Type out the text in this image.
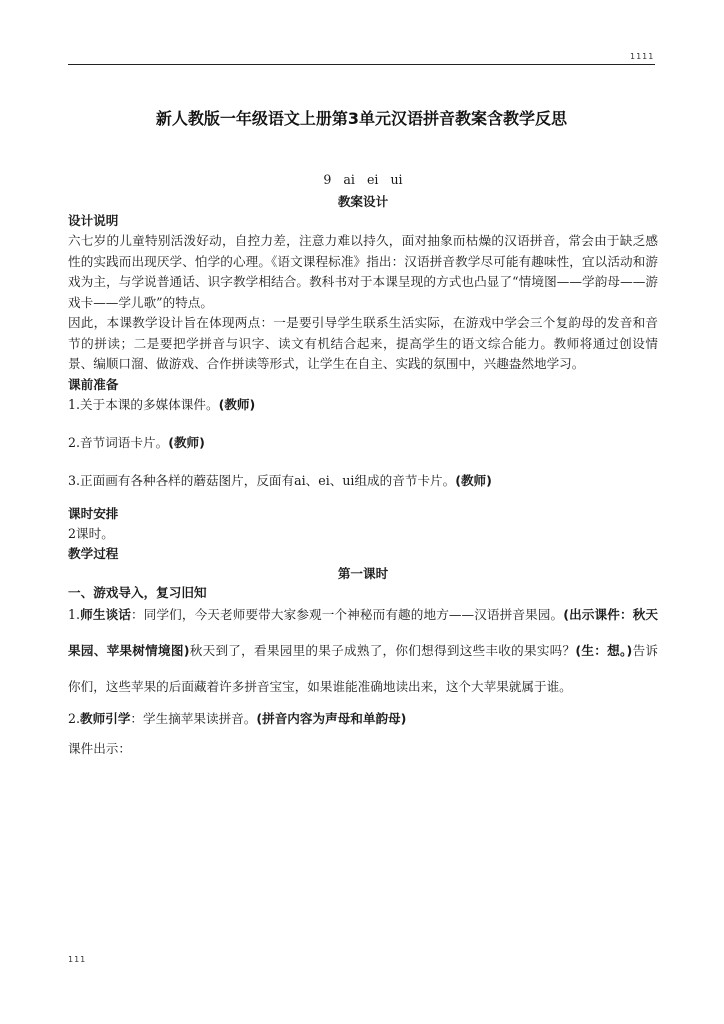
1111
新人教版一年级语文上册第3单元汉语拼音教案含教学反思
9   ai   ei   ui
教案设计
设计说明

六七岁的儿童特别活泼好动，自控力差，注意力难以持久，面对抽象而枯燥的汉语拼音，常会由于缺乏感性的实践而出现厌学、怕学的心理。《语文课程标准》指出：汉语拼音教学尽可能有趣味性，宜以活动和游戏为主，与学说普通话、识字教学相结合。教科书对于本课呈现的方式也凸显了“情境图——学韵母——游戏卡——学儿歌”的特点。

因此，本课教学设计旨在体现两点：一是要引导学生联系生活实际，在游戏中学会三个复韵母的发音和音节的拼读；二是要把学拼音与识字、读文有机结合起来，提高学生的语文综合能力。教师将通过创设情景、编顺口溜、做游戏、合作拼读等形式，让学生在自主、实践的氛围中，兴趣盎然地学习。

课前准备

1.关于本课的多媒体课件。(教师)

2.音节词语卡片。(教师)

3.正面画有各种各样的蘑菇图片，反面有ai、ei、ui组成的音节卡片。(教师)

课时安排

2课时。

教学过程
第一课时
一、游戏导入，复习旧知

1.师生谈话：同学们，今天老师要带大家参观一个神秘而有趣的地方——汉语拼音果园。(出示课件：秋天果园、苹果树情境图)秋天到了，看果园里的果子成熟了，你们想得到这些丰收的果实吗？(生：想。)告诉你们，这些苹果的后面藏着许多拼音宝宝，如果谁能准确地读出来，这个大苹果就属于谁。

2.教师引学：学生摘苹果读拼音。(拼音内容为声母和单韵母)

课件出示：

111
